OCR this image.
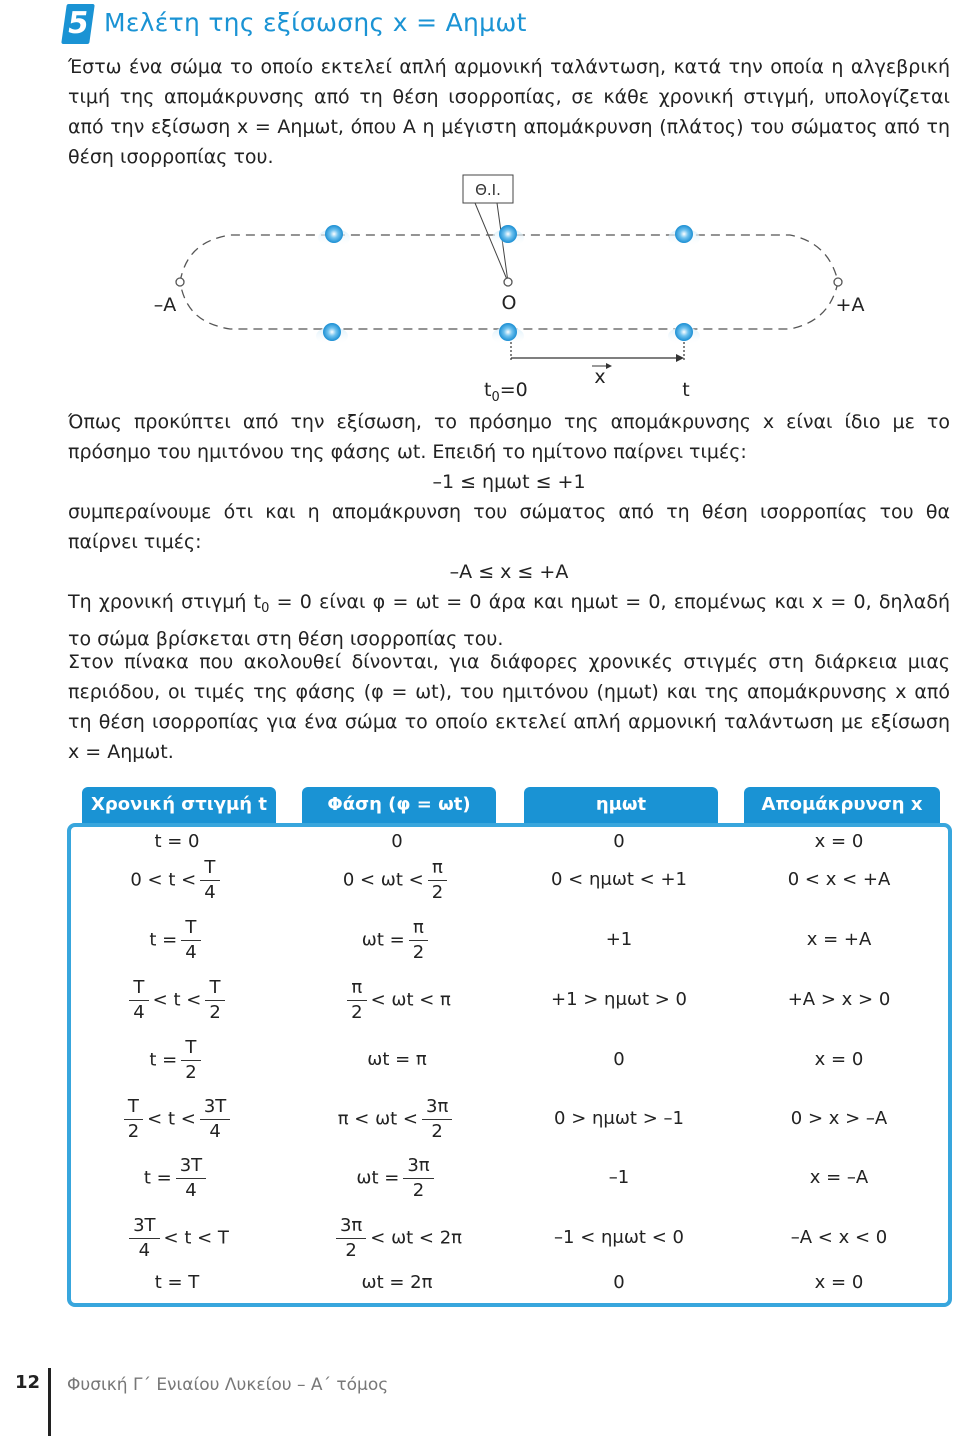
5 Μελέτη της εξίσωσης x = Aημωt

Έστω ένα σώμα το οποίο εκτελεί απλή αρμονική ταλάντωση, κατά την οποία η αλγεβρική τιμή της απομάκρυνσης από τη θέση ισορροπίας, σε κάθε χρονική στιγμή, υπολογίζεται από την εξίσωση x = Aημωt, όπου A η μέγιστη απομάκρυνση (πλάτος) του σώματος από τη θέση ισορροπίας του.

Θ.Ι.
–A	O	+A
x
$t_0=0$	t

Όπως προκύπτει από την εξίσωση, το πρόσημο της απομάκρυνσης x είναι ίδιο με το πρόσημο του ημιτόνου της φάσης ωt. Επειδή το ημίτονο παίρνει τιμές:

–1 ≤ ημωt ≤ +1

συμπεραίνουμε ότι και η απομάκρυνση του σώματος από τη θέση ισορροπίας του θα παίρνει τιμές:

–A ≤ x ≤ +A

Τη χρονική στιγμή $t_0 = 0$ είναι φ = ωt = 0 άρα και ημωt = 0, επομένως και x = 0, δηλαδή το σώμα βρίσκεται στη θέση ισορροπίας του.

Στον πίνακα που ακολουθεί δίνονται, για διάφορες χρονικές στιγμές στη διάρκεια μιας περιόδου, οι τιμές της φάσης (φ = ωt), του ημιτόνου (ημωt) και της απομάκρυνσης x από τη θέση ισορροπίας για ένα σώμα το οποίο εκτελεί απλή αρμονική ταλάντωση με εξίσωση x = Aημωt.

Χρονική στιγμή t	Φάση (φ = ωt)	ημωt	Απομάκρυνση x
t = 0	0	0	x = 0
$0 < t < \frac{T}{4}$	$0 < \omega t < \frac{\pi}{2}$	0 < ημωt < +1	0 < x < +A
$t = \frac{T}{4}$	$\omega t = \frac{\pi}{2}$	+1	x = +A
$\frac{T}{4} < t < \frac{T}{2}$	$\frac{\pi}{2} < \omega t < \pi$	+1 > ημωt > 0	+A > x > 0
$t = \frac{T}{2}$	ωt = π	0	x = 0
$\frac{T}{2} < t < \frac{3T}{4}$	$\pi < \omega t < \frac{3\pi}{2}$	0 > ημωt > –1	0 > x > –A
$t = \frac{3T}{4}$	$\omega t = \frac{3\pi}{2}$	–1	x = –A
$\frac{3T}{4} < t < T$	$\frac{3\pi}{2} < \omega t < 2\pi$	–1 < ημωt < 0	–A < x < 0
t = T	ωt = 2π	0	x = 0
12 Φυσική Γ΄ Ενιαίου Λυκείου – Α΄ τόμος
